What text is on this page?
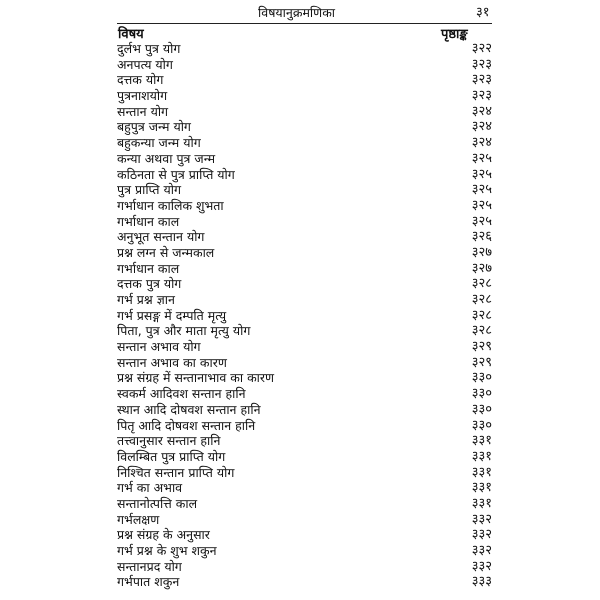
विषयानुक्रमणिका	३१
विषय	पृष्ठाङ्क
दुर्लभ पुत्र योग	३२२
अनपत्य योग	३२३
दत्तक योग	३२३
पुत्रनाशयोग	३२३
सन्तान योग	३२४
बहुपुत्र जन्म योग	३२४
बहुकन्या जन्म योग	३२४
कन्या अथवा पुत्र जन्म	३२५
कठिनता से पुत्र प्राप्ति योग	३२५
पुत्र प्राप्ति योग	३२५
गर्भाधान कालिक शुभता	३२५
गर्भाधान काल	३२५
अनुभूत सन्तान योग	३२६
प्रश्न लग्न से जन्मकाल	३२७
गर्भाधान काल	३२७
दत्तक पुत्र योग	३२८
गर्भ प्रश्न ज्ञान	३२८
गर्भ प्रसङ्ग में दम्पति मृत्यु	३२८
पिता, पुत्र और माता मृत्यु योग	३२८
सन्तान अभाव योग	३२९
सन्तान अभाव का कारण	३२९
प्रश्न संग्रह में सन्तानाभाव का कारण	३३०
स्वकर्म आदिवश सन्तान हानि	३३०
स्थान आदि दोषवश सन्तान हानि	३३०
पितृ आदि दोषवश सन्तान हानि	३३०
तत्त्वानुसार सन्तान हानि	३३१
विलम्बित पुत्र प्राप्ति योग	३३१
निश्चित सन्तान प्राप्ति योग	३३१
गर्भ का अभाव	३३१
सन्तानोत्पत्ति काल	३३१
गर्भलक्षण	३३२
प्रश्न संग्रह के अनुसार	३३२
गर्भ प्रश्न के शुभ शकुन	३३२
सन्तानप्रद योग	३३२
गर्भपात शकुन	३३३
